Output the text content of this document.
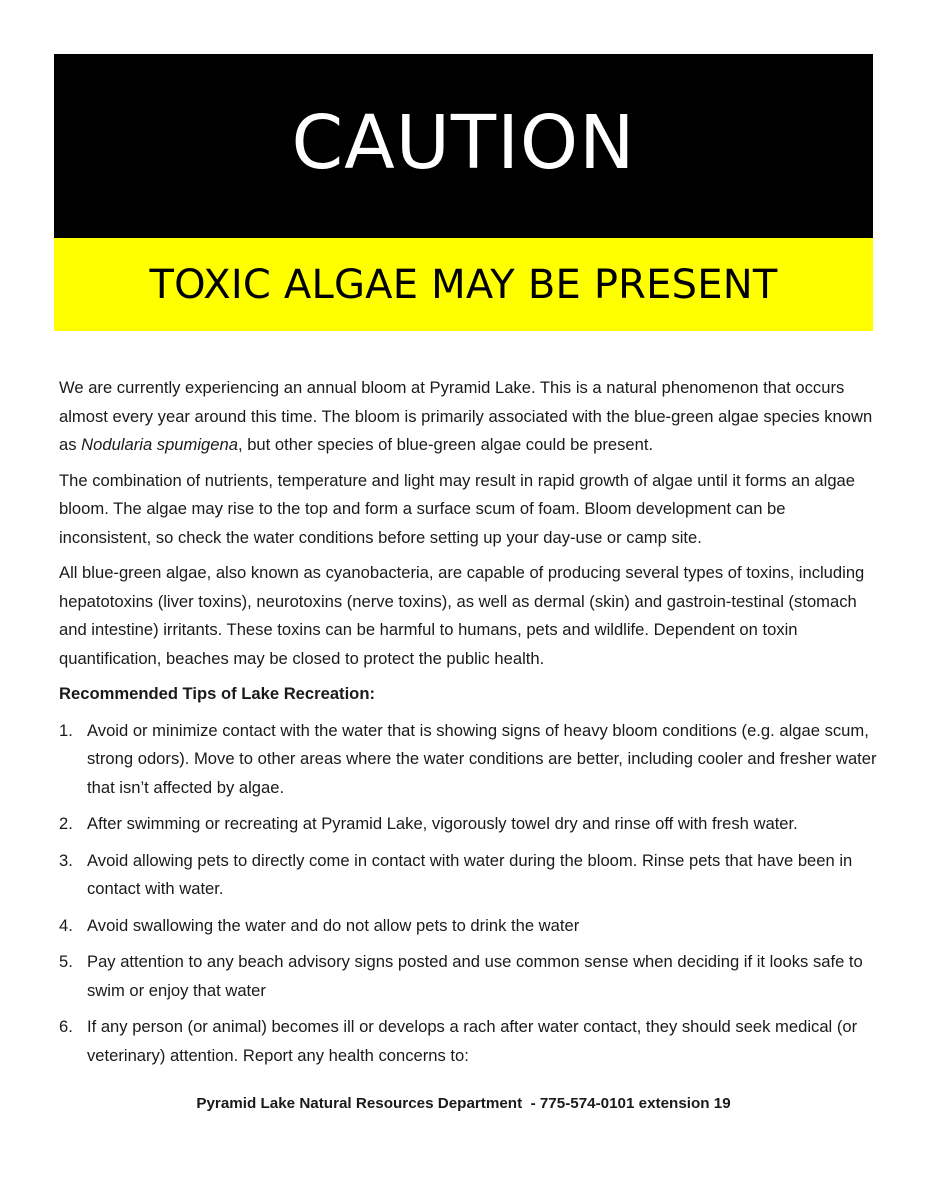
CAUTION
TOXIC ALGAE MAY BE PRESENT

We are currently experiencing an annual bloom at Pyramid Lake. This is a natural phenomenon that occurs almost every year around this time. The bloom is primarily associated with the blue-green algae species known as Nodularia spumigena, but other species of blue-green algae could be present.

The combination of nutrients, temperature and light may result in rapid growth of algae until it forms an algae bloom. The algae may rise to the top and form a surface scum of foam. Bloom development can be inconsistent, so check the water conditions before setting up your day-use or camp site.

All blue-green algae, also known as cyanobacteria, are capable of producing several types of toxins, including hepatotoxins (liver toxins), neurotoxins (nerve toxins), as well as dermal (skin) and gastroin-testinal (stomach and intestine) irritants. These toxins can be harmful to humans, pets and wildlife. Dependent on toxin quantification, beaches may be closed to protect the public health.

Recommended Tips of Lake Recreation:
1. Avoid or minimize contact with the water that is showing signs of heavy bloom conditions (e.g. algae scum, strong odors). Move to other areas where the water conditions are better, including cooler and fresher water that isn’t affected by algae.
2. After swimming or recreating at Pyramid Lake, vigorously towel dry and rinse off with fresh water.
3. Avoid allowing pets to directly come in contact with water during the bloom. Rinse pets that have been in contact with water.
4. Avoid swallowing the water and do not allow pets to drink the water
5. Pay attention to any beach advisory signs posted and use common sense when deciding if it looks safe to swim or enjoy that water
6. If any person (or animal) becomes ill or develops a rach after water contact, they should seek medical (or veterinary) attention. Report any health concerns to:
Pyramid Lake Natural Resources Department  - 775-574-0101 extension 19
